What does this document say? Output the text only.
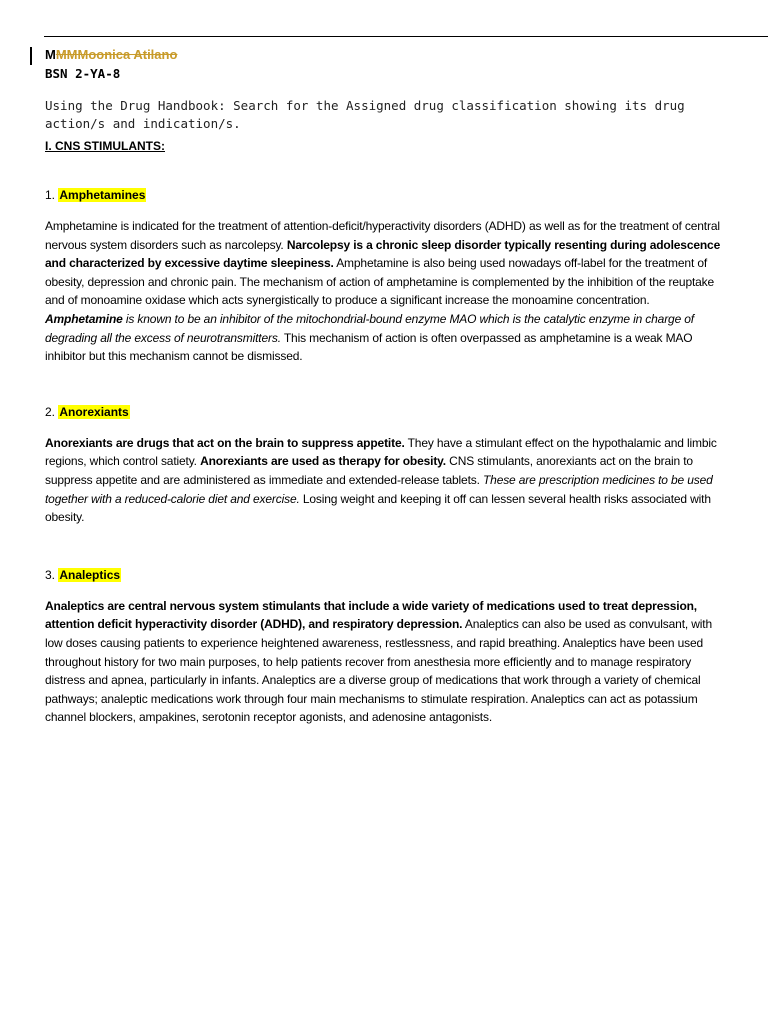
MMMMoonica Atilano

BSN 2-YA-8

Using the Drug Handbook: Search for the Assigned drug classification showing its drug action/s and indication/s.

I. CNS STIMULANTS:

1. Amphetamines

Amphetamine is indicated for the treatment of attention-deficit/hyperactivity disorders (ADHD) as well as for the treatment of central nervous system disorders such as narcolepsy. Narcolepsy is a chronic sleep disorder typically resenting during adolescence and characterized by excessive daytime sleepiness. Amphetamine is also being used nowadays off-label for the treatment of obesity, depression and chronic pain. The mechanism of action of amphetamine is complemented by the inhibition of the reuptake and of monoamine oxidase which acts synergistically to produce a significant increase the monoamine concentration. Amphetamine is known to be an inhibitor of the mitochondrial-bound enzyme MAO which is the catalytic enzyme in charge of degrading all the excess of neurotransmitters. This mechanism of action is often overpassed as amphetamine is a weak MAO inhibitor but this mechanism cannot be dismissed.

2. Anorexiants

Anorexiants are drugs that act on the brain to suppress appetite. They have a stimulant effect on the hypothalamic and limbic regions, which control satiety. Anorexiants are used as therapy for obesity. CNS stimulants, anorexiants act on the brain to suppress appetite and are administered as immediate and extended-release tablets. These are prescription medicines to be used together with a reduced-calorie diet and exercise. Losing weight and keeping it off can lessen several health risks associated with obesity.

3. Analeptics

Analeptics are central nervous system stimulants that include a wide variety of medications used to treat depression, attention deficit hyperactivity disorder (ADHD), and respiratory depression. Analeptics can also be used as convulsant, with low doses causing patients to experience heightened awareness, restlessness, and rapid breathing. Analeptics have been used throughout history for two main purposes, to help patients recover from anesthesia more efficiently and to manage respiratory distress and apnea, particularly in infants. Analeptics are a diverse group of medications that work through a variety of chemical pathways; analeptic medications work through four main mechanisms to stimulate respiration. Analeptics can act as potassium channel blockers, ampakines, serotonin receptor agonists, and adenosine antagonists.
